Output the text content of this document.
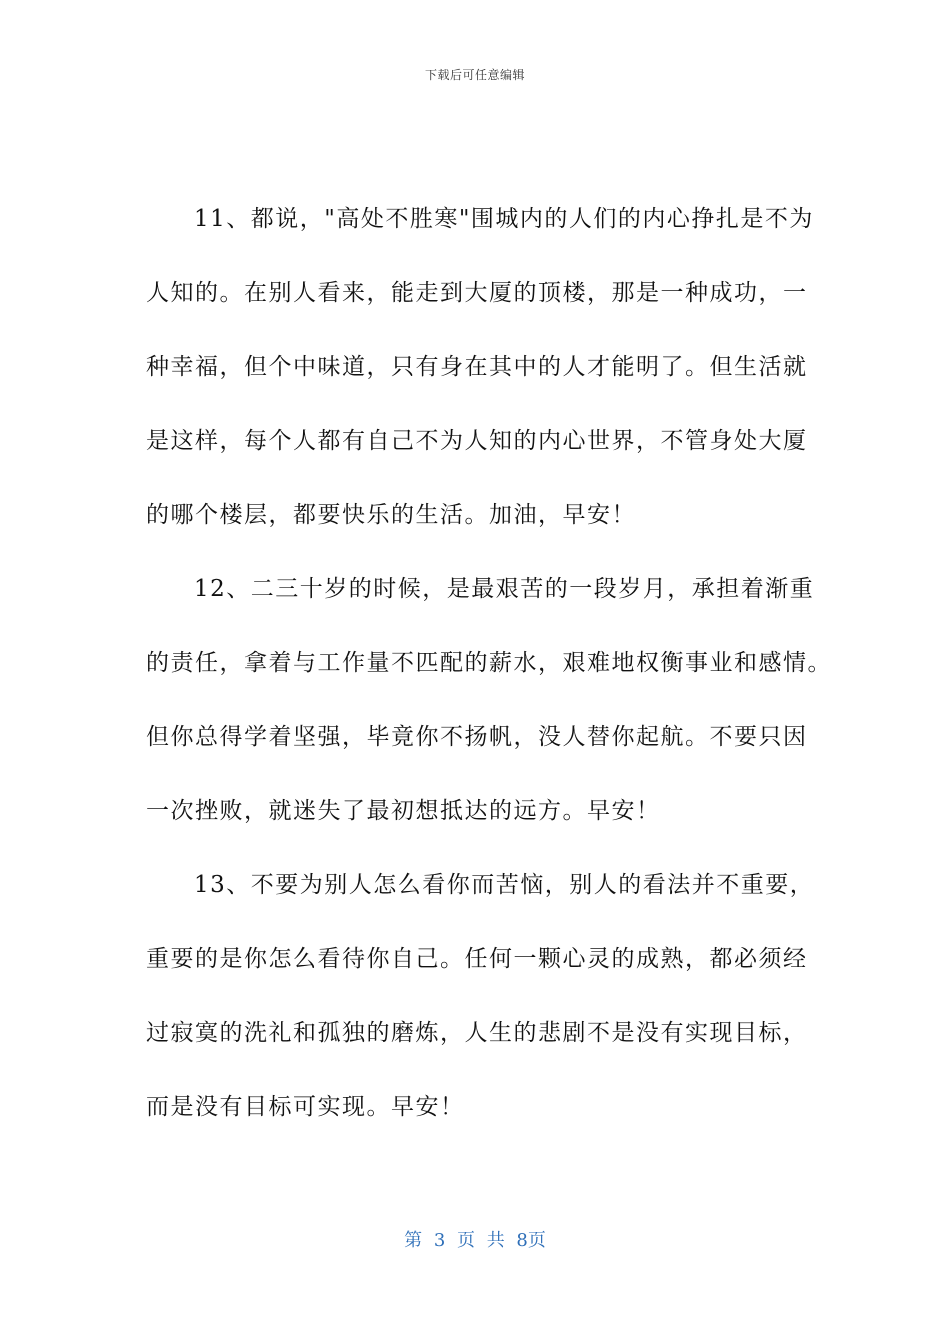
下载后可任意编辑
11、都说，"高处不胜寒"围城内的人们的内心挣扎是不为
人知的。在别人看来，能走到大厦的顶楼，那是一种成功，一
种幸福，但个中味道，只有身在其中的人才能明了。但生活就
是这样，每个人都有自己不为人知的内心世界，不管身处大厦
的哪个楼层，都要快乐的生活。加油，早安！
12、二三十岁的时候，是最艰苦的一段岁月，承担着渐重
的责任，拿着与工作量不匹配的薪水，艰难地权衡事业和感情。
但你总得学着坚强，毕竟你不扬帆，没人替你起航。不要只因
一次挫败，就迷失了最初想抵达的远方。早安！
13、不要为别人怎么看你而苦恼，别人的看法并不重要，
重要的是你怎么看待你自己。任何一颗心灵的成熟，都必须经
过寂寞的洗礼和孤独的磨炼，人生的悲剧不是没有实现目标，
而是没有目标可实现。早安！
第 3 页 共 8页
